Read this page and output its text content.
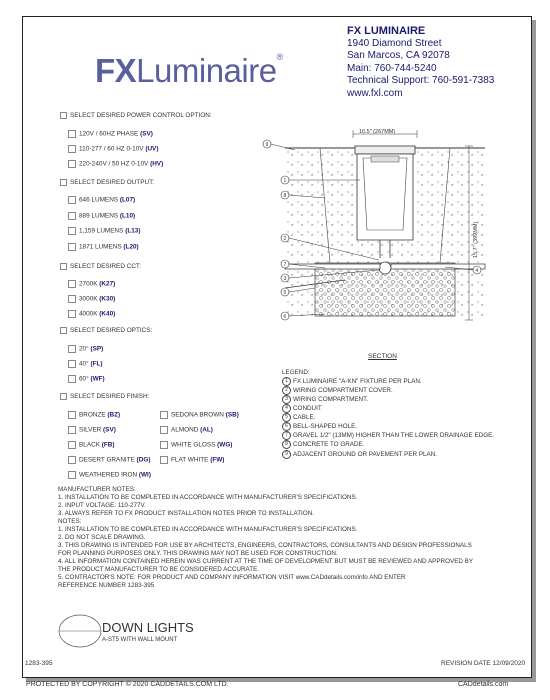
FXLuminaire®
FX LUMINAIRE
1940 Diamond Street
San Marcos, CA 92078
Main: 760-744-5240
Technical Support: 760-591-7383
www.fxl.com
SELECT DESIRED POWER CONTROL OPTION:
120V / 60HZ PHASE (SV)
110-277 / 60 HZ 0-10V (UV)
220-240V / 50 HZ 0-10V (HV)
SELECT DESIRED OUTPUT:
646 LUMENS (L07)
889 LUMENS (L10)
1,159 LUMENS (L13)
1871 LUMENS (L20)
SELECT DESIRED CCT:
2700K (K27)
3000K (K30)
4000K (K40)
SELECT DESIRED OPTICS:
20° (SP)
40° (FL)
60° (WF)
SELECT DESIRED FINISH:
BRONZE (BZ)
SILVER (SV)
BLACK (FB)
DESERT GRANITE (DG)
WEATHERED IRON (WI)
SEDONA BROWN (SB)
ALMOND (AL)
WHITE GLOSS (WG)
FLAT WHITE (FW)
10.5" (267MM)
15.7" (399MM)
9
1
8
2
7
3
5
6
4
SECTION
LEGEND:
1 FX LUMINAIRE "A-KN" FIXTURE PER PLAN.
2 WIRING COMPARTMENT COVER.
3 WIRING COMPARTMENT.
4 CONDUIT
5 CABLE.
6 BELL-SHAPED HOLE.
7 GRAVEL 1/2" (13MM) HIGHER THAN THE LOWER DRAINAGE EDGE.
8 CONCRETE TO GRADE.
9 ADJACENT GROUND OR PAVEMENT PER PLAN.
MANUFACTURER NOTES:
1. INSTALLATION TO BE COMPLETED IN ACCORDANCE WITH MANUFACTURER'S SPECIFICATIONS.
2. INPUT VOLTAGE: 110-277V.
3. ALWAYS REFER TO FX PRODUCT INSTALLATION NOTES PRIOR TO INSTALLATION.
NOTES:
1. INSTALLATION TO BE COMPLETED IN ACCORDANCE WITH MANUFACTURER'S SPECIFICATIONS.
2. DO NOT SCALE DRAWING.
3. THIS DRAWING IS INTENDED FOR USE BY ARCHITECTS, ENGINEERS, CONTRACTORS, CONSULTANTS AND DESIGN PROFESSIONALS
FOR PLANNING PURPOSES ONLY. THIS DRAWING MAY NOT BE USED FOR CONSTRUCTION.
4. ALL INFORMATION CONTAINED HEREIN WAS CURRENT AT THE TIME OF DEVELOPMENT BUT MUST BE REVIEWED AND APPROVED BY
THE PRODUCT MANUFACTURER TO BE CONSIDERED ACCURATE.
5. CONTRACTOR'S NOTE: FOR PRODUCT AND COMPANY INFORMATION VISIT www.CADdetails.com/info AND ENTER
REFERENCE NUMBER 1283-395
DOWN LIGHTS
A-ST5 WITH WALL MOUNT
1283-395	REVISION DATE 12/09/2020
PROTECTED BY COPYRIGHT © 2020 CADDETAILS.COM LTD.	CADdetails.com
